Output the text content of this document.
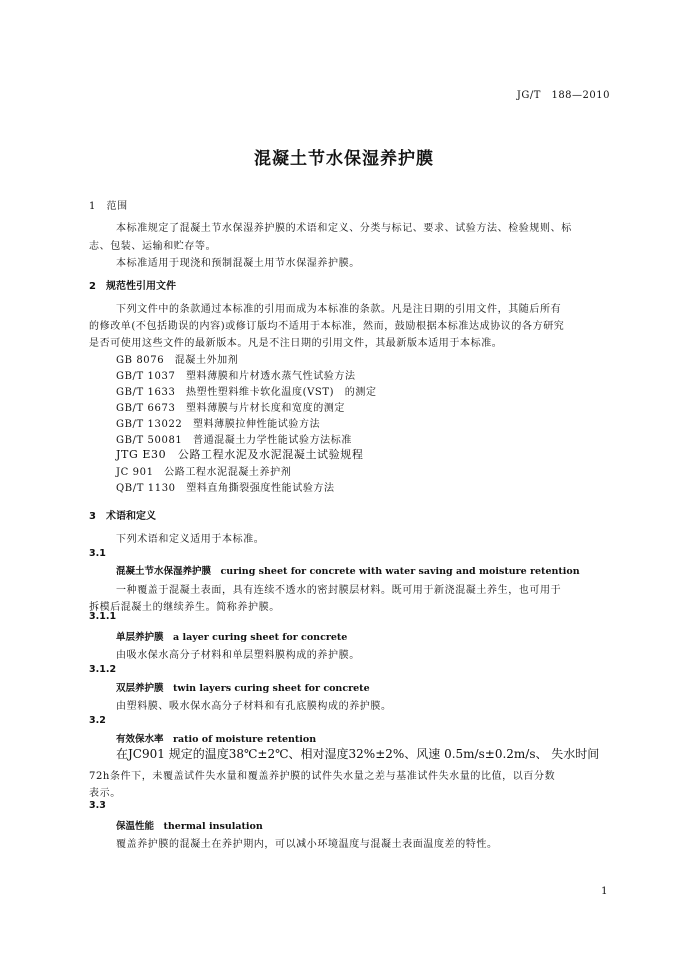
JG/T　188—2010
混凝土节水保湿养护膜
1　范围
本标准规定了混凝土节水保湿养护膜的术语和定义、分类与标记、要求、试验方法、检验规则、标
志、包装、运输和贮存等。
本标准适用于现浇和预制混凝土用节水保湿养护膜。
2　规范性引用文件
下列文件中的条款通过本标准的引用而成为本标准的条款。凡是注日期的引用文件，其随后所有
的修改单(不包括勘误的内容)或修订版均不适用于本标准，然而，鼓励根据本标准达成协议的各方研究
是否可使用这些文件的最新版本。凡是不注日期的引用文件，其最新版本适用于本标准。
GB 8076　混凝土外加剂
GB/T 1037　塑料薄膜和片材透水蒸气性试验方法
GB/T 1633　热塑性塑料维卡软化温度(VST)　的测定
GB/T 6673　塑料薄膜与片材长度和宽度的测定
GB/T 13022　塑料薄膜拉伸性能试验方法
GB/T 50081　普通混凝土力学性能试验方法标准
JTG E30　公路工程水泥及水泥混凝土试验规程
JC 901　公路工程水泥混凝土养护剂
QB/T 1130　塑料直角撕裂强度性能试验方法
3　术语和定义
下列术语和定义适用于本标准。
3.1
混凝土节水保湿养护膜　curing sheet for concrete with water saving and moisture retention
一种覆盖于混凝土表面，具有连续不透水的密封膜层材料。既可用于新浇混凝土养生，也可用于
拆模后混凝土的继续养生。简称养护膜。
3.1.1
单层养护膜　a layer curing sheet for concrete
由吸水保水高分子材料和单层塑料膜构成的养护膜。
3.1.2
双层养护膜　twin layers curing sheet for concrete
由塑料膜、吸水保水高分子材料和有孔底膜构成的养护膜。
3.2
有效保水率　ratio of moisture retention
在JC901 规定的温度38℃±2℃、相对湿度32%±2%、风速 0.5m/s±0.2m/s、 失水时间
72h条件下，未覆盖试件失水量和覆盖养护膜的试件失水量之差与基准试件失水量的比值，以百分数
表示。
3.3
保温性能　thermal insulation
覆盖养护膜的混凝土在养护期内，可以减小环境温度与混凝土表面温度差的特性。
1
